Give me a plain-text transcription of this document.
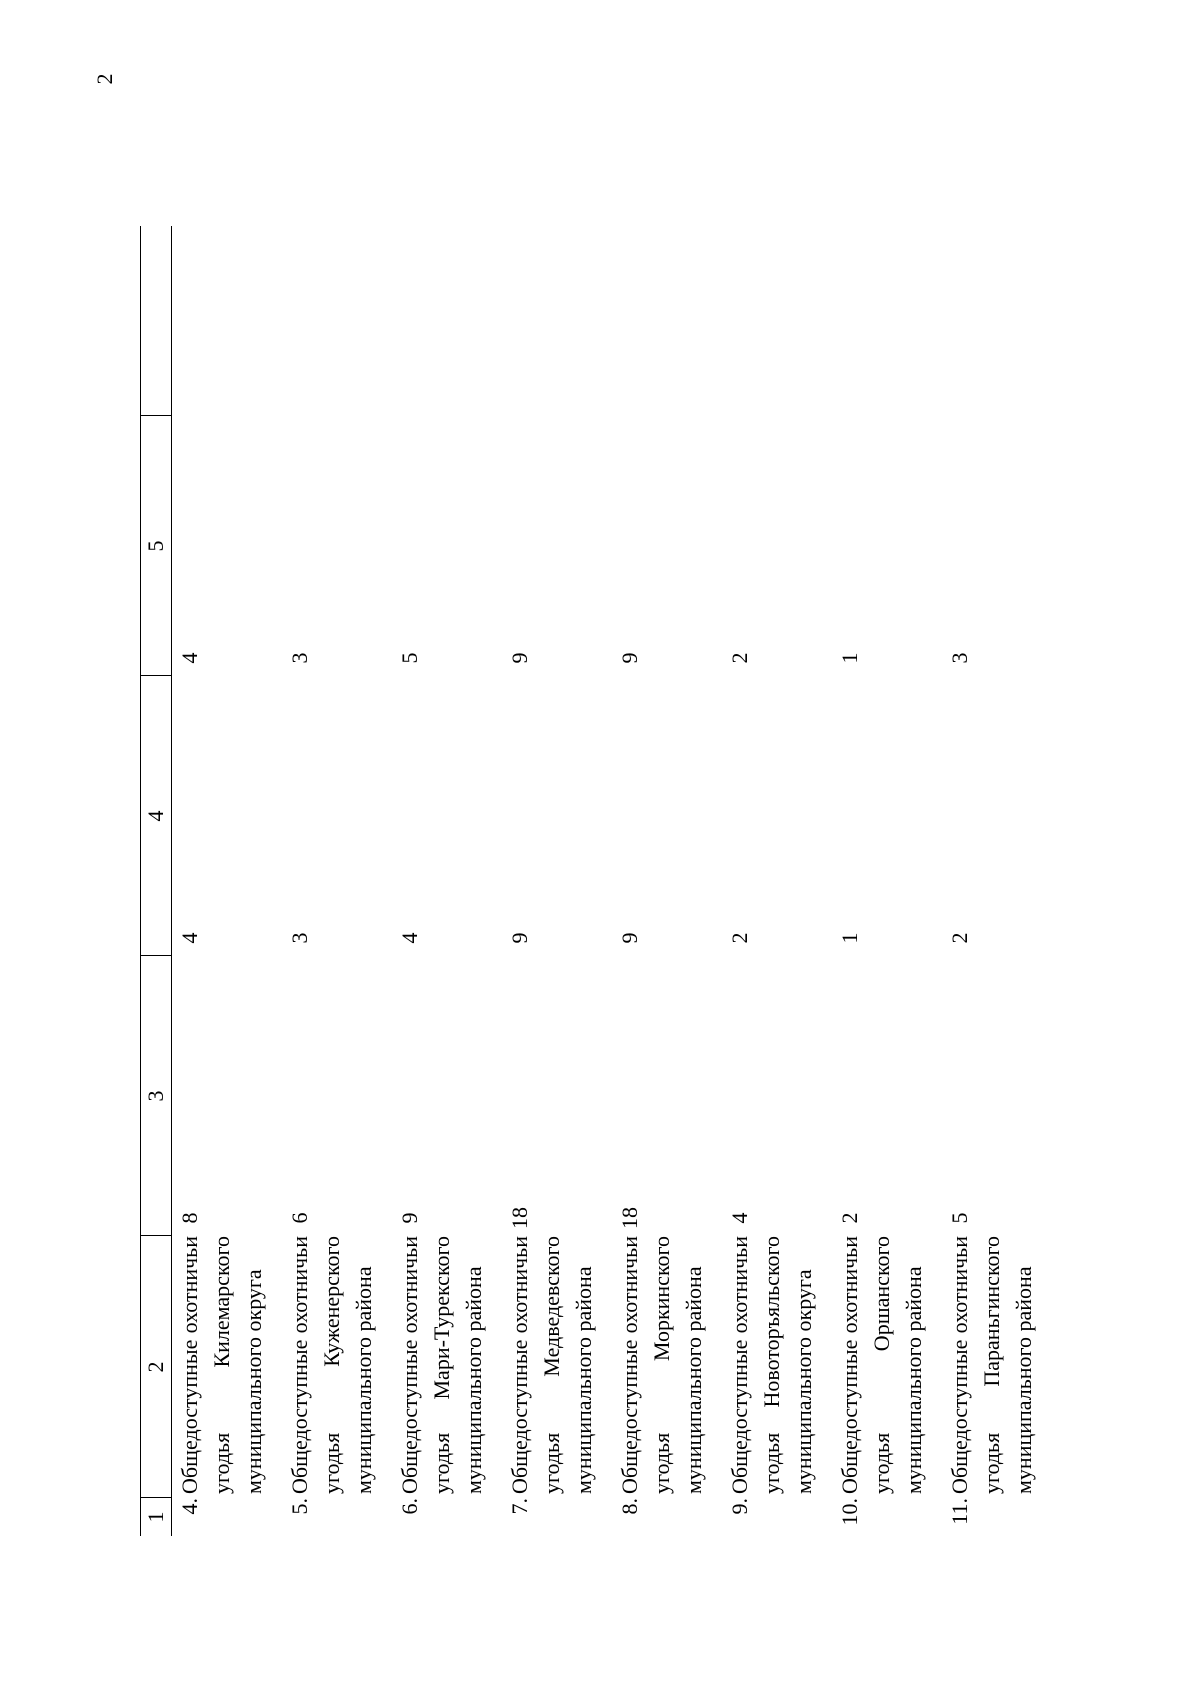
2
1
2
3
4
5
4.
Общедоступные охотничьи угодья Килемарского муниципального округа
8
4
4
5.
Общедоступные охотничьи угодья Куженерского муниципального района
6
3
3
6.
Общедоступные охотничьи угодья Мари-Турекского муниципального района
9
4
5
7.
Общедоступные охотничьи угодья Медведевского муниципального района
18
9
9
8.
Общедоступные охотничьи угодья Моркинского муниципального района
18
9
9
9.
Общедоступные охотничьи угодья Новоторъяльского муниципального округа
4
2
2
10.
Общедоступные охотничьи угодья Оршанского муниципального района
2
1
1
11.
Общедоступные охотничьи угодья Параньгинского муниципального района
5
2
3
